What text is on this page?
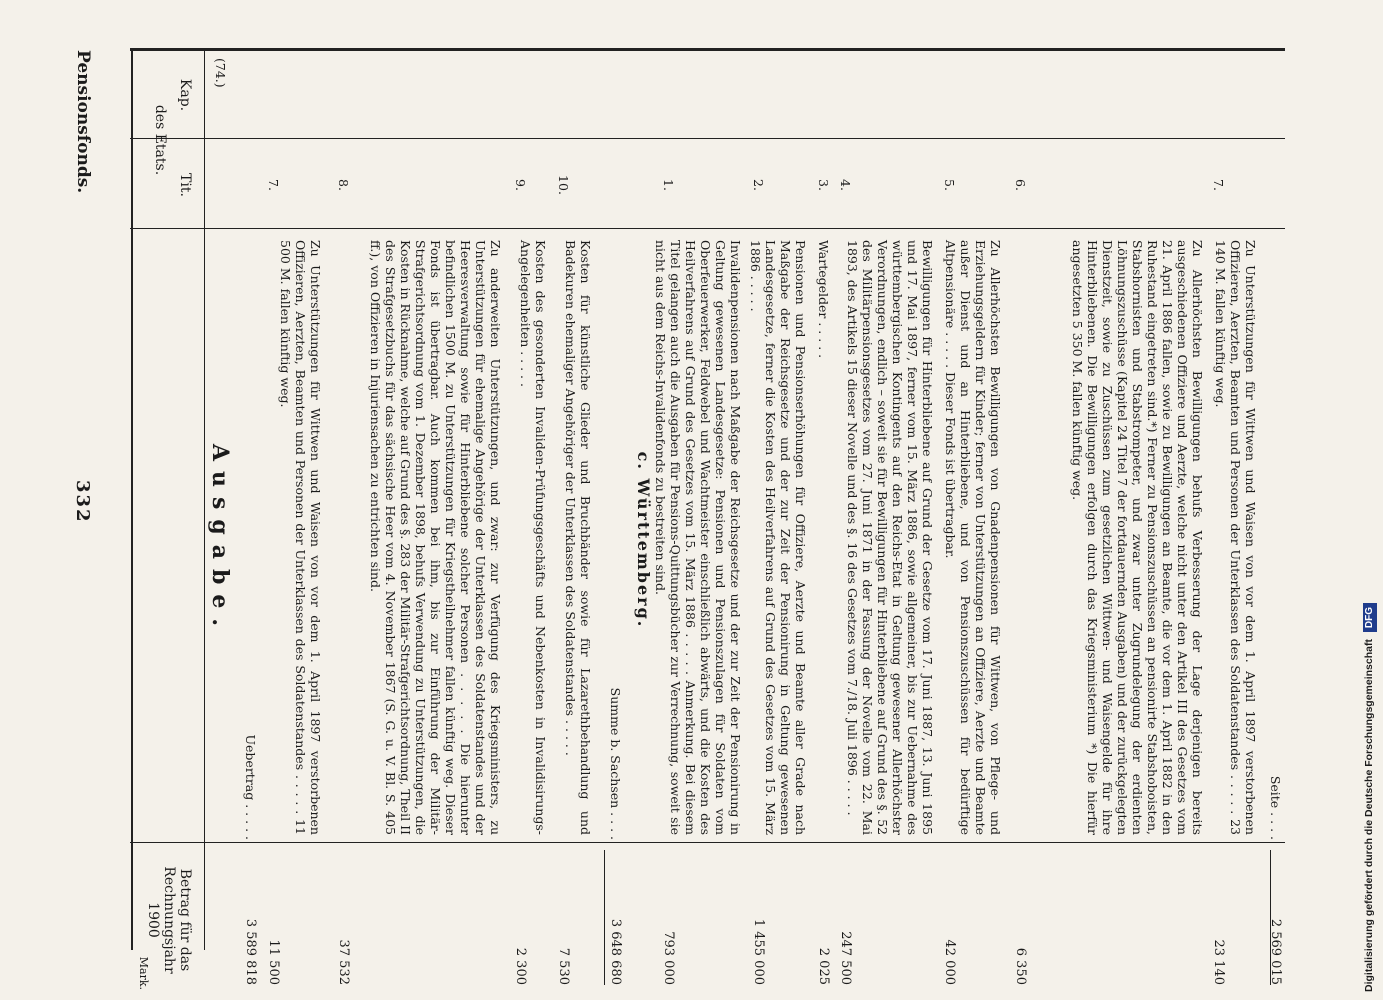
Pensionsfonds.
332
Kap.
Tit.
des Etats.
Betrag für das Rechnungsjahr 1900
Mark.
(74.)
Ausgabe.
Uebertrag . . . . .
3 589 818
Summe b. Sachsen . . . .
3 648 680
c. Württemberg.
Seite . . . .
2 569 015
7.
Zu Unterstützungen für Wittwen und Waisen von vor dem 1. April 1897 verstorbenen Offizieren, Aerzten, Beamten und Personen der Unterklassen des Soldatenstandes . . . . . 11 500 M. fallen künftig weg.
11 500
8.
Zu anderweiten Unterstützungen, und zwar: zur Verfügung des Kriegsministers, zu Unterstützungen für ehemalige Angehörige der Unterklassen des Soldatenstandes und der Heeresverwaltung sowie für Hinterbliebene solcher Personen . . . . . Die hierunter befindlichen 1500 M. zu Unterstützungen für Kriegstheilnehmer fallen künftig weg. Dieser Fonds ist übertragbar. Auch kommen bei ihm, bis zur Einführung der Militär-Strafgerichtsordnung vom 1. Dezember 1898, behufs Verwendung zu Unterstützungen, die Kosten in Rücknahme, welche auf Grund des §. 283 der Militär-Strafgerichtsordnung, Theil II des Strafgesetzbuchs für das sächsische Heer vom 4. November 1867 (S. G. u. V. Bl. S. 405 ff.), von Offizieren in Injuriensachen zu entrichten sind.
37 532
9.
Kosten des gesonderten Invaliden-Prüfungsgeschäfts und Nebenkosten in Invalidisirungs-Angelegenheiten . . . . .
2 300
10.
Kosten für künstliche Glieder und Bruchbänder sowie für Lazarethbehandlung und Badekuren ehemaliger Angehöriger der Unterklassen des Soldatenstandes . . . . .
7 530
1.
Invalidenpensionen nach Maßgabe der Reichsgesetze und der zur Zeit der Pensionirung in Geltung gewesenen Landesgesetze: Pensionen und Pensionszulagen für Soldaten vom Oberfeuerwerker, Feldwebel und Wachtmeister einschließlich abwärts, und die Kosten des Heilverfahrens auf Grund des Gesetzes vom 15. März 1886 . . . . . Anmerkung. Bei diesem Titel gelangen auch die Ausgaben für Pensions-Quittungsbücher zur Verrechnung, soweit sie nicht aus dem Reichs-Invalidenfonds zu bestreiten sind.
793 000
2.
Pensionen und Pensionserhöhungen für Offiziere, Aerzte und Beamte aller Grade nach Maßgabe der Reichsgesetze und der zur Zeit der Pensionirung in Geltung gewesenen Landesgesetze, ferner die Kosten des Heilverfahrens auf Grund des Gesetzes vom 15. März 1886 . . . . .
1 455 000
3.
Wartegelder . . . . .
2 025
4.
Bewilligungen für Hinterbliebene auf Grund der Gesetze vom 17. Juni 1887, 13. Juni 1895 und 17. Mai 1897, ferner vom 15. März 1886, sowie allgemeiner, bis zur Uebernahme des württembergischen Kontingents auf den Reichs-Etat in Geltung gewesener Allerhöchster Verordnungen, endlich – soweit sie für Bewilligungen für Hinterbliebene auf Grund des §. 52 des Militärpensionsgesetzes vom 27. Juni 1871 in der Fassung der Novelle vom 22. Mai 1893, des Artikels 15 dieser Novelle und des §. 16 des Gesetzes vom 7./18. Juli 1896 . . . . .
247 500
5.
Zu Allerhöchsten Bewilligungen von Gnadenpensionen für Wittwen, von Pflege- und Erziehungsgeldern für Kinder; ferner von Unterstützungen an Offiziere, Aerzte und Beamte außer Dienst und an Hinterbliebene, und von Pensionszuschüssen für bedürftige Altpensionäre . . . . . Dieser Fonds ist übertragbar.
42 000
6.
Zu Allerhöchsten Bewilligungen behufs Verbesserung der Lage derjenigen bereits ausgeschiedenen Offiziere und Aerzte, welche nicht unter den Artikel III des Gesetzes vom 21. April 1886 fallen, sowie zu Bewilligungen an Beamte, die vor dem 1. April 1882 in den Ruhestand eingetreten sind.*) Ferner zu Pensionszuschüssen an pensionirte Stabshoboisten, Stabshornisten und Stabstrompeter, und zwar unter Zugrundelegung der erdienten Löhnungszuschüsse (Kapitel 24 Titel 7 der fortdauernden Ausgaben) und der zurückgelegten Dienstzeit, sowie zu Zuschüssen zum gesetzlichen Wittwen- und Waisengelde für ihre Hinterbliebenen. Die Bewilligungen erfolgen durch das Kriegsministerium *) Die hierfür angesetzten 5 350 M. fallen künftig weg.
6 350
7.
Zu Unterstützungen für Wittwen und Waisen von vor dem 1. April 1897 verstorbenen Offizieren, Aerzten, Beamten und Personen der Unterklassen des Soldatenstandes . . . . . 23 140 M. fallen künftig weg.
23 140	Digitalisierung gefördert durch die Deutsche Forschungsgemeinschaft DFG
